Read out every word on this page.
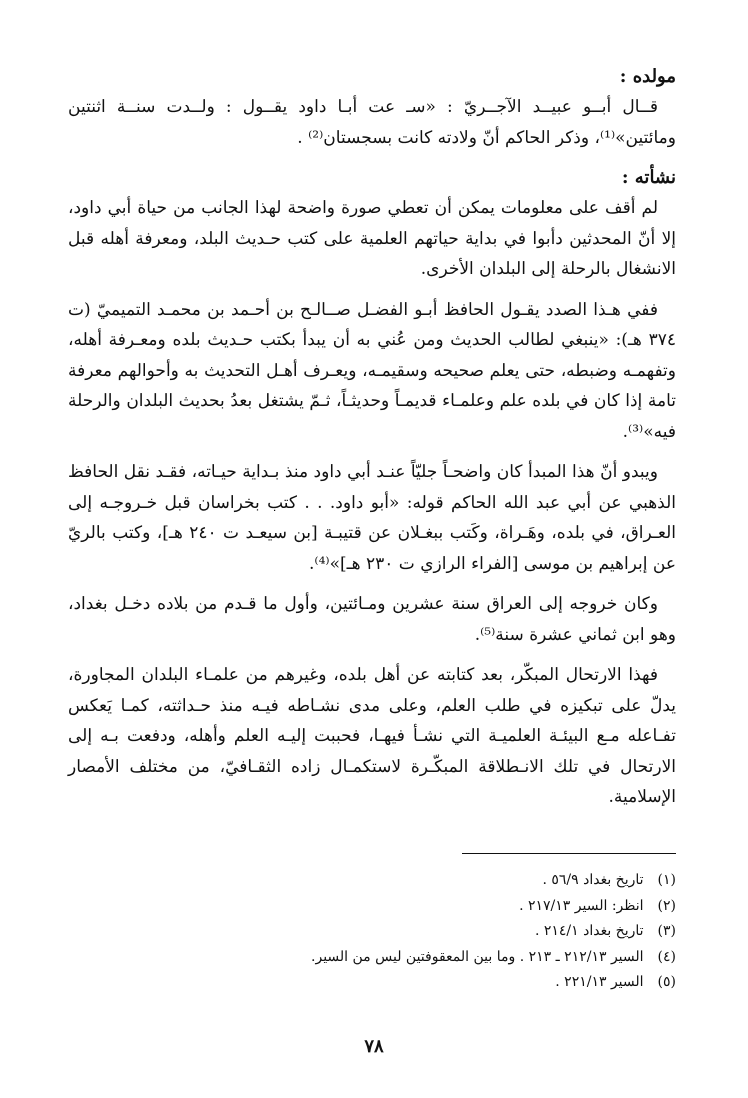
مولده :

قــال أبــو عبيــد الآجــريّ : «سـ عت أبـا داود يقــول : ولــدت سنــة اثنتين ومائتين»⁽¹⁾، وذكر الحاكم أنّ ولادته كانت بسجستان⁽²⁾ .

نشأته :

لم أقف على معلومات يمكن أن تعطي صورة واضحة لهذا الجانب من حياة أبي داود، إلا أنّ المحدثين دأبوا في بداية حياتهم العلمية على كتب حـديث البلد، ومعرفة أهله قبل الانشغال بالرحلة إلى البلدان الأخرى.

ففي هـذا الصدد يقـول الحافظ أبـو الفضـل صــالـح بن أحـمد بن محمـد التميميّ (ت ٣٧٤ هـ): «ينبغي لطالب الحديث ومن عُني به أن يبدأ بكتب حـديث بلده ومعـرفة أهله، وتفهمـه وضبطه، حتى يعلم صحيحه وسقيمـه، ويعـرف أهـل التحديث به وأحوالهم معرفة تامة إذا كان في بلده علم وعلمـاء قديمـاً وحديثـاً، ثـمّ يشتغل بعدُ بحديث البلدان والرحلة فيه»⁽³⁾.

ويبدو أنّ هذا المبدأ كان واضحـاً جليّاً عنـد أبي داود منذ بـداية حيـاته، فقـد نقل الحافظ الذهبي عن أبي عبد الله الحاكم قوله: «أبو داود. . . كتب بخراسان قبل خـروجـه إلى العـراق، في بلده، وهَـراة، وكَتب ببغـلان عن قتيبـة [بن سيعـد ت ٢٤٠ هـ]، وكتب بالريّ عن إبراهيم بن موسى [الفراء الرازي ت ٢٣٠ هـ]»⁽⁴⁾.

وكان خروجه إلى العراق سنة عشرين ومـائتين، وأول ما قـدم من بلاده دخـل بغداد، وهو ابن ثماني عشرة سنة⁽⁵⁾.

فهذا الارتحال المبكّر، بعد كتابته عن أهل بلده، وغيرهم من علمـاء البلدان المجاورة، يدلّ على تبكيزه في طلب العلم، وعلى مدى نشـاطه فيـه منذ حـداثته، كمـا يَعكس تفـاعله مـع البيئـة العلميـة التي نشـأ فيهـا، فحببت إليـه العلم وأهله، ودفعت بـه إلى الارتحال في تلك الانـطلاقة المبكّـرة لاستكمـال زاده الثقـافيّ، من مختلف الأمصار الإسلامية.

(١) تاريخ بغداد ٥٦/٩ .
(٢) انظر: السير ٢١٧/١٣ .
(٣) تاريخ بغداد ٢١٤/١ .
(٤) السير ٢١٢/١٣ ـ ٢١٣ . وما بين المعقوفتين ليس من السير.
(٥) السير ٢٢١/١٣ .
٧٨
